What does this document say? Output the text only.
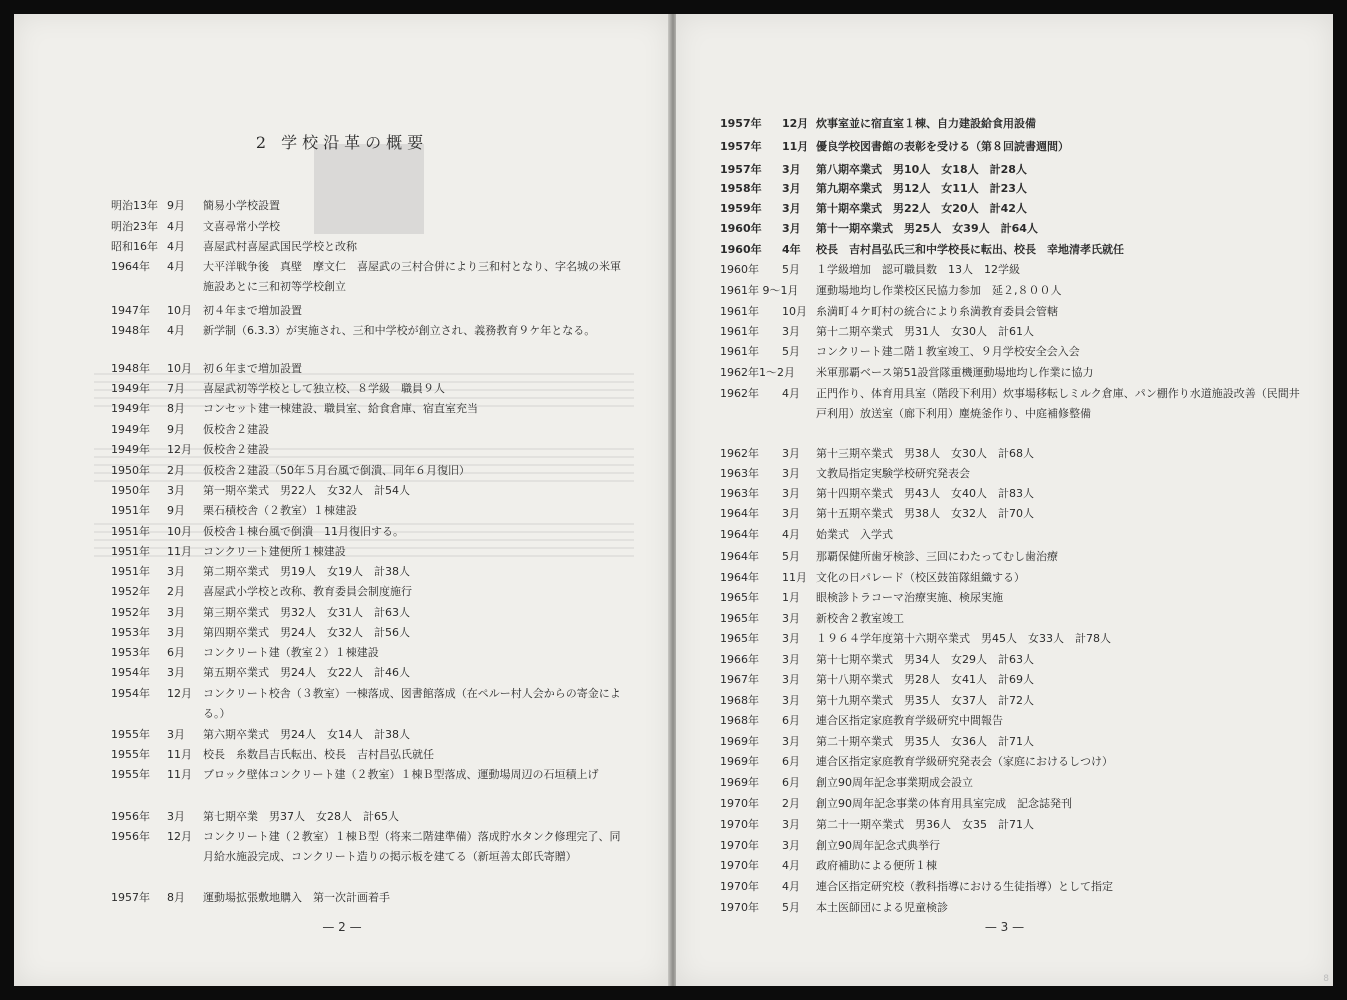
2 学校沿革の概要
明治13年 9月	簡易小学校設置
明治23年 4月	文喜尋常小学校
昭和16年 4月	喜屋武村喜屋武国民学校と改称
1964年	4月	大平洋戦争後　真壁　摩文仁　喜屋武の三村合併により三和村となり、字名城の米軍施設あとに三和初等学校創立
1947年	10月	初４年まで増加設置
1948年	4月	新学制（6.3.3）が実施され、三和中学校が創立され、義務教育９ケ年となる。
1948年	10月	初６年まで増加設置
1949年	7月	喜屋武初等学校として独立校、８学級　職員９人
1949年	8月	コンセット建一棟建設、職員室、給食倉庫、宿直室充当
1949年	9月	仮校舎２建設
1949年	12月	仮校舎２建設
1950年	2月	仮校舎２建設（50年５月台風で倒潰、同年６月復旧）
1950年	3月	第一期卒業式　男22人　女32人　計54人
1951年	9月	栗石積校舎（２教室）１棟建設
1951年	10月	仮校舎１棟台風で倒潰　11月復旧する。
1951年	11月	コンクリート建便所１棟建設
1951年	3月	第二期卒業式　男19人　女19人　計38人
1952年	2月	喜屋武小学校と改称、教育委員会制度施行
1952年	3月	第三期卒業式　男32人　女31人　計63人
1953年	3月	第四期卒業式　男24人　女32人　計56人
1953年	6月	コンクリート建（教室２）１棟建設
1954年	3月	第五期卒業式　男24人　女22人　計46人
1954年	12月	コンクリート校舎（３教室）一棟落成、図書館落成（在ペルー村人会からの寄金による。）
1955年	3月	第六期卒業式　男24人　女14人　計38人
1955年	11月	校長　糸数昌吉氏転出、校長　吉村昌弘氏就任
1955年	11月	ブロック壁体コンクリート建（２教室）１棟Ｂ型落成、運動場周辺の石垣積上げ
1956年	3月	第七期卒業　男37人　女28人　計65人
1956年	12月	コンクリート建（２教室）１棟Ｂ型（将来二階建準備）落成貯水タンク修理完了、同月給水施設完成、コンクリート造りの掲示板を建てる（新垣善太郎氏寄贈）
1957年	8月	運動場拡張敷地購入　第一次計画着手
— 2 —
1957年	12月 炊事室並に宿直室１棟、自力建設給食用設備
1957年	11月 優良学校図書館の表彰を受ける（第８回読書週間）
1957年	3月	第八期卒業式　男10人　女18人　計28人
1958年	3月	第九期卒業式　男12人　女11人　計23人
1959年	3月	第十期卒業式　男22人　女20人　計42人
1960年	3月	第十一期卒業式　男25人　女39人　計64人
1960年	4年	校長　吉村昌弘氏三和中学校長に転出、校長　幸地清孝氏就任
1960年	5月	１学級増加　認可職員数　13人　12学級
1961年 9〜1月 運動場地均し作業校区民協力参加　延２,８００人
1961年	10月 糸満町４ケ町村の統合により糸満教育委員会管轄
1961年	3月	第十二期卒業式　男31人　女30人　計61人
1961年	5月	コンクリート建二階１教室竣工、９月学校安全会入会
1962年1〜2月 米軍那覇ベース第51設営隊重機運動場地均し作業に協力
1962年	4月	正門作り、体育用具室（階段下利用）炊事場移転しミルク倉庫、パン棚作り水道施設改善（民間井戸利用）放送室（廊下利用）塵焼釜作り、中庭補修整備
1962年	3月	第十三期卒業式　男38人　女30人　計68人
1963年	3月	文教局指定実験学校研究発表会
1963年	3月	第十四期卒業式　男43人　女40人　計83人
1964年	3月	第十五期卒業式　男38人　女32人　計70人
1964年	4月	始業式　入学式
1964年	5月	那覇保健所歯牙検診、三回にわたってむし歯治療
1964年	11月 文化の日パレード（校区鼓笛隊組織する）
1965年	1月	眼検診トラコーマ治療実施、検尿実施
1965年	3月	新校舎２教室竣工
1965年	3月	１９６４学年度第十六期卒業式　男45人　女33人　計78人
1966年	3月	第十七期卒業式　男34人　女29人　計63人
1967年	3月	第十八期卒業式　男28人　女41人　計69人
1968年	3月	第十九期卒業式　男35人　女37人　計72人
1968年	6月	連合区指定家庭教育学級研究中間報告
1969年	3月	第二十期卒業式　男35人　女36人　計71人
1969年	6月	連合区指定家庭教育学級研究発表会（家庭におけるしつけ）
1969年	6月	創立90周年記念事業期成会設立
1970年	2月	創立90周年記念事業の体育用具室完成　記念誌発刊
1970年	3月	第二十一期卒業式　男36人　女35　計71人
1970年	3月	創立90周年記念式典挙行
1970年	4月	政府補助による便所１棟
1970年	4月	連合区指定研究校（教科指導における生徒指導）として指定
1970年	5月	本土医師団による児童検診
— 3 —
8
